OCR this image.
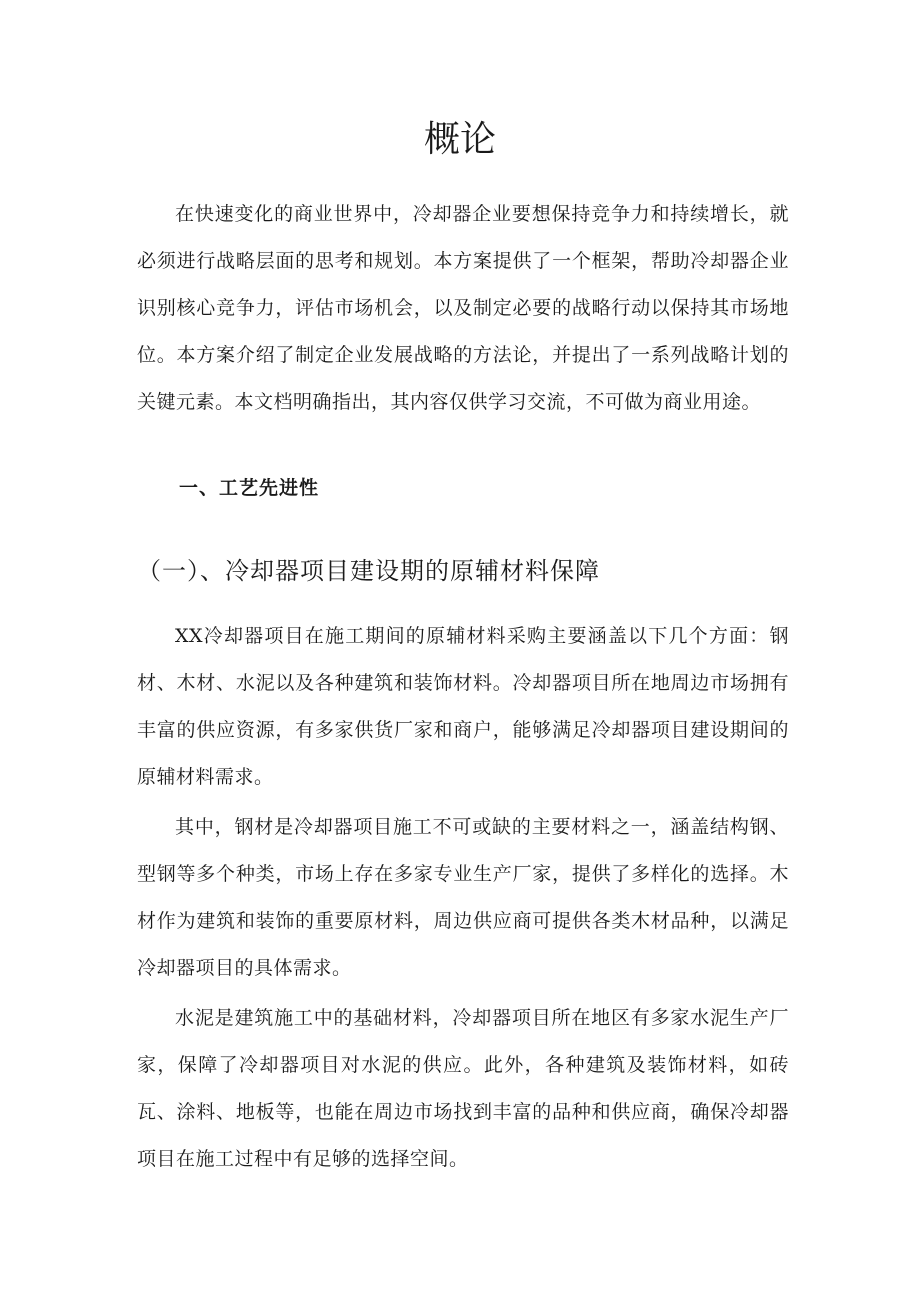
概论

在快速变化的商业世界中，冷却器企业要想保持竞争力和持续增长，就必须进行战略层面的思考和规划。本方案提供了一个框架，帮助冷却器企业识别核心竞争力，评估市场机会，以及制定必要的战略行动以保持其市场地位。本方案介绍了制定企业发展战略的方法论，并提出了一系列战略计划的关键元素。本文档明确指出，其内容仅供学习交流，不可做为商业用途。

一、工艺先进性
（一）、冷却器项目建设期的原辅材料保障

XX冷却器项目在施工期间的原辅材料采购主要涵盖以下几个方面：钢材、木材、水泥以及各种建筑和装饰材料。冷却器项目所在地周边市场拥有丰富的供应资源，有多家供货厂家和商户，能够满足冷却器项目建设期间的原辅材料需求。

其中，钢材是冷却器项目施工不可或缺的主要材料之一，涵盖结构钢、型钢等多个种类，市场上存在多家专业生产厂家，提供了多样化的选择。木材作为建筑和装饰的重要原材料，周边供应商可提供各类木材品种，以满足冷却器项目的具体需求。

水泥是建筑施工中的基础材料，冷却器项目所在地区有多家水泥生产厂家，保障了冷却器项目对水泥的供应。此外，各种建筑及装饰材料，如砖瓦、涂料、地板等，也能在周边市场找到丰富的品种和供应商，确保冷却器项目在施工过程中有足够的选择空间。
